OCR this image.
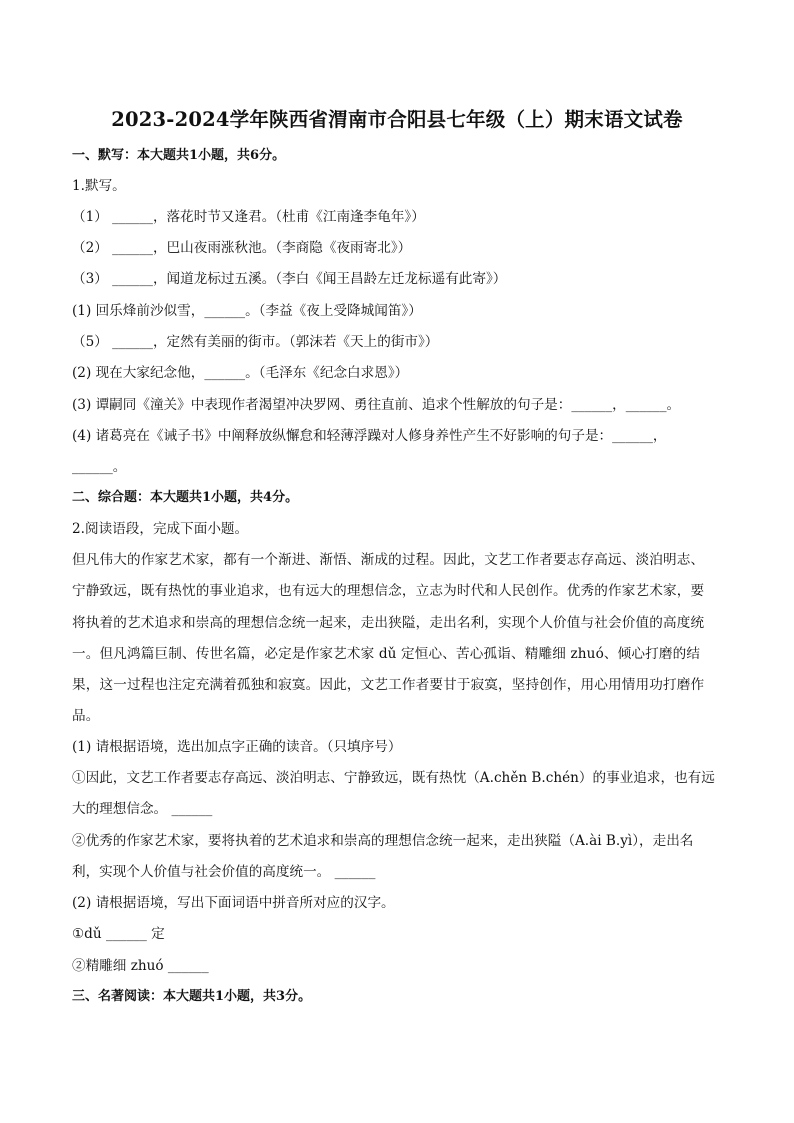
2023-2024学年陕西省渭南市合阳县七年级（上）期末语文试卷
一、默写：本大题共1小题，共6分。
1.默写。
（1） ______，落花时节又逢君。（杜甫《江南逢李龟年》）
（2） ______，巴山夜雨涨秋池。（李商隐《夜雨寄北》）
（3） ______，闻道龙标过五溪。（李白《闻王昌龄左迁龙标遥有此寄》）
(1) 回乐烽前沙似雪，______。（李益《夜上受降城闻笛》）
（5） ______，定然有美丽的街市。（郭沫若《天上的街市》）
(2) 现在大家纪念他，______。（毛泽东《纪念白求恩》）
(3) 谭嗣同《潼关》中表现作者渴望冲决罗网、勇往直前、追求个性解放的句子是：______，______。
(4) 诸葛亮在《诫子书》中阐释放纵懈怠和轻薄浮躁对人修身养性产生不好影响的句子是：______，
______。
二、综合题：本大题共1小题，共4分。
2.阅读语段，完成下面小题。
但凡伟大的作家艺术家，都有一个渐进、渐悟、渐成的过程。因此，文艺工作者要志存高远、淡泊明志、
宁静致远，既有热忱的事业追求，也有远大的理想信念，立志为时代和人民创作。优秀的作家艺术家，要
将执着的艺术追求和崇高的理想信念统一起来，走出狭隘，走出名利，实现个人价值与社会价值的高度统
一。但凡鸿篇巨制、传世名篇，必定是作家艺术家 dǔ 定恒心、苦心孤诣、精雕细 zhuó、倾心打磨的结
果，这一过程也注定充满着孤独和寂寞。因此，文艺工作者要甘于寂寞，坚持创作，用心用情用功打磨作
品。
(1) 请根据语境，选出加点字正确的读音。（只填序号）
①因此，文艺工作者要志存高远、淡泊明志、宁静致远，既有热忱（A.chěn B.chén）的事业追求，也有远
大的理想信念。 ______
②优秀的作家艺术家，要将执着的艺术追求和崇高的理想信念统一起来，走出狭隘（A.ài B.yì），走出名
利，实现个人价值与社会价值的高度统一。 ______
(2) 请根据语境，写出下面词语中拼音所对应的汉字。
①dǔ ______ 定
②精雕细 zhuó ______
三、名著阅读：本大题共1小题，共3分。
